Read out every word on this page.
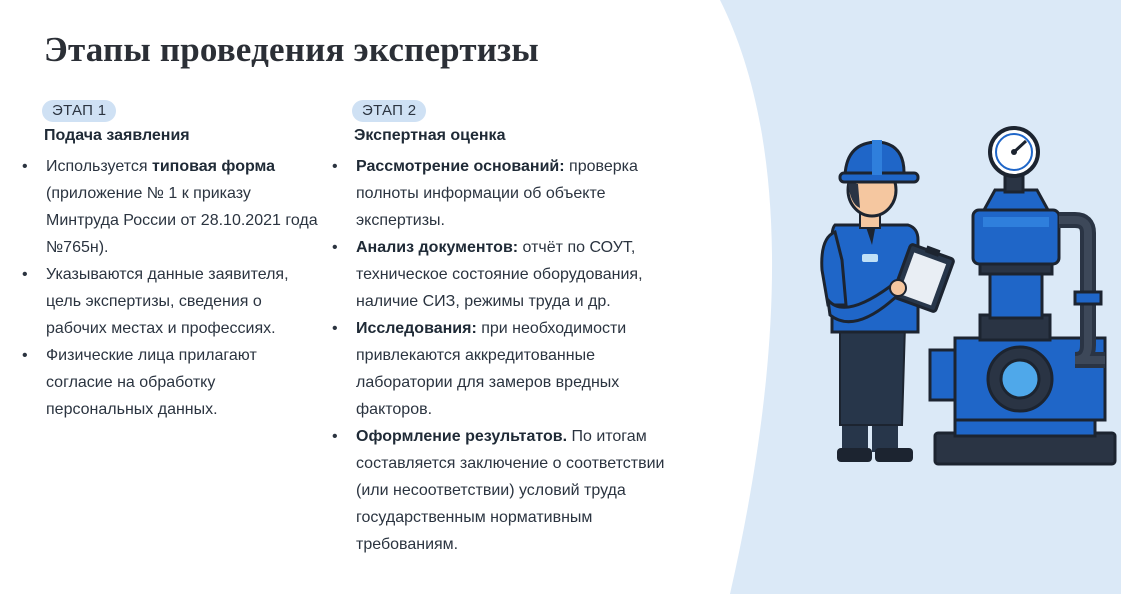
Этапы проведения экспертизы
ЭТАП 1
Подача заявления
• Используется типовая форма (приложение № 1 к приказу Минтруда России от 28.10.2021 года №765н).
• Указываются данные заявителя, цель экспертизы, сведения о рабочих местах и профессиях.
• Физические лица прилагают согласие на обработку персональных данных.
ЭТАП 2
Экспертная оценка
• Рассмотрение оснований: проверка полноты информации об объекте экспертизы.
• Анализ документов: отчёт по СОУТ, техническое состояние оборудования, наличие СИЗ, режимы труда и др.
• Исследования: при необходимости привлекаются аккредитованные лаборатории для замеров вредных факторов.
• Оформление результатов. По итогам составляется заключение о соответствии (или несоответствии) условий труда государственным нормативным требованиям.
